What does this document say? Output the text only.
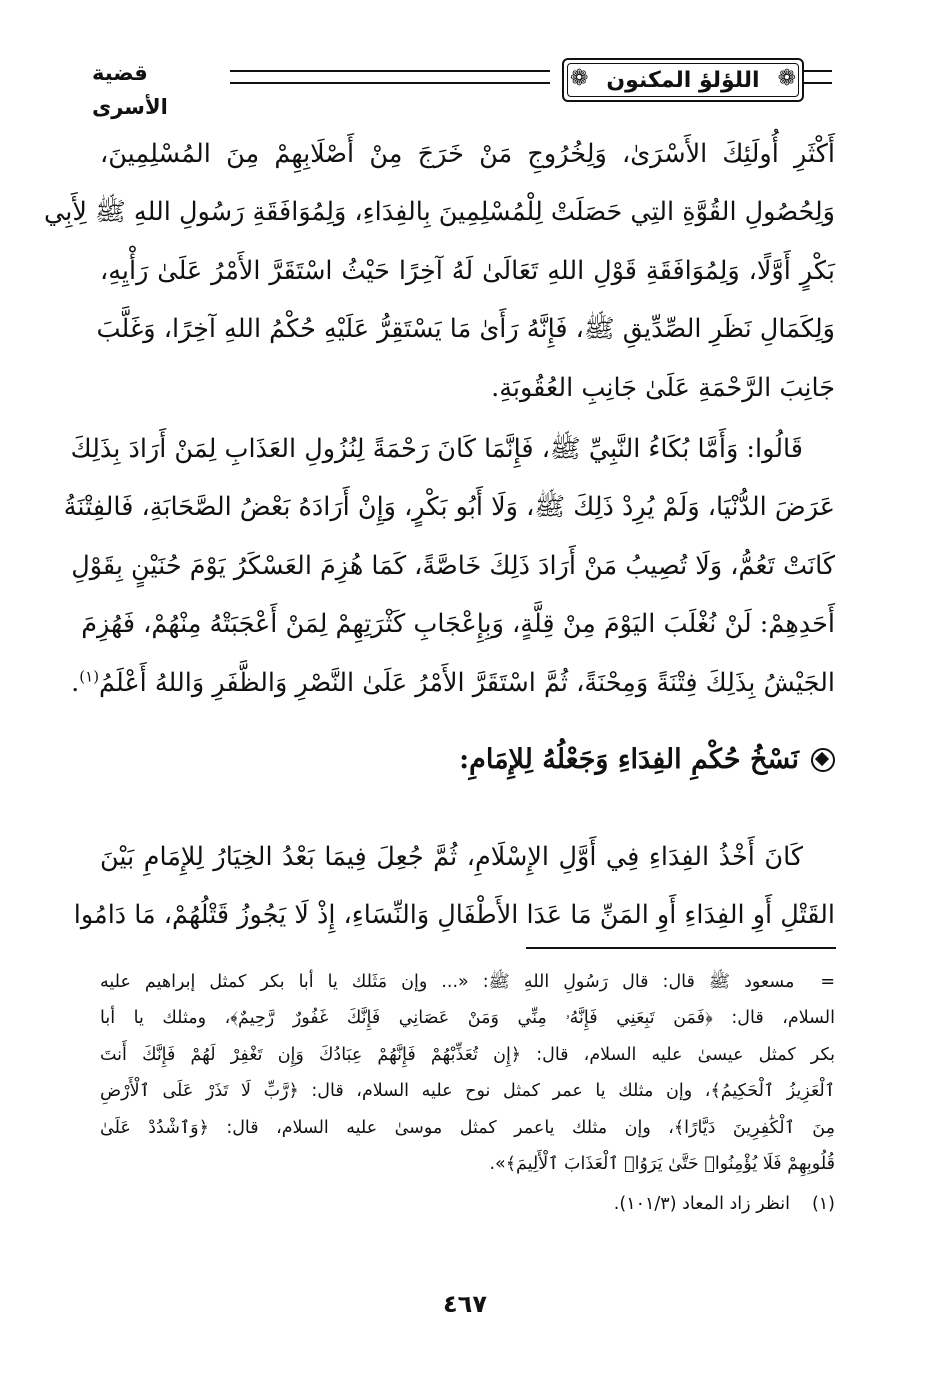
❁ اللؤلؤ المكنون ❁
قضية الأسرى

أَكْثَرِ أُولَئِكَ الأَسْرَىٰ، وَلِخُرُوجِ مَنْ خَرَجَ مِنْ أَصْلَابِهِمْ مِنَ المُسْلِمِينَ،
وَلِحُصُولِ القُوَّةِ التِي حَصَلَتْ لِلْمُسْلِمِينَ بِالفِدَاءِ، وَلِمُوَافَقَةِ رَسُولِ اللهِ ﷺ لِأَبِي
بَكْرٍ أَوَّلًا، وَلِمُوَافَقَةِ قَوْلِ اللهِ تَعَالَىٰ لَهُ آخِرًا حَيْثُ اسْتَقَرَّ الأَمْرُ عَلَىٰ رَأْيِهِ،
وَلِكَمَالِ نَظَرِ الصِّدِّيقِ ﷺ، فَإِنَّهُ رَأَىٰ مَا يَسْتَقِرُّ عَلَيْهِ حُكْمُ اللهِ آخِرًا، وَغَلَّبَ
جَانِبَ الرَّحْمَةِ عَلَىٰ جَانِبِ العُقُوبَةِ.

قَالُوا: وَأَمَّا بُكَاءُ النَّبِيِّ ﷺ، فَإِنَّمَا كَانَ رَحْمَةً لِنُزُولِ العَذَابِ لِمَنْ أَرَادَ بِذَلِكَ
عَرَضَ الدُّنْيَا، وَلَمْ يُرِدْ ذَلِكَ ﷺ، وَلَا أَبُو بَكْرٍ، وَإِنْ أَرَادَهُ بَعْضُ الصَّحَابَةِ، فَالفِتْنَةُ
كَانَتْ تَعُمُّ، وَلَا تُصِيبُ مَنْ أَرَادَ ذَلِكَ خَاصَّةً، كَمَا هُزِمَ العَسْكَرُ يَوْمَ حُنَيْنٍ بِقَوْلِ
أَحَدِهِمْ: لَنْ نُغْلَبَ اليَوْمَ مِنْ قِلَّةٍ، وَبِإِعْجَابِ كَثْرَتِهِمْ لِمَنْ أَعْجَبَتْهُ مِنْهُمْ، فَهُزِمَ
الجَيْشُ بِذَلِكَ فِتْنَةً وَمِحْنَةً، ثُمَّ اسْتَقَرَّ الأَمْرُ عَلَىٰ النَّصْرِ وَالظَّفَرِ وَاللهُ أَعْلَمُ$^{(١)}$.

نَسْخُ حُكْمِ الفِدَاءِ وَجَعْلُهُ لِلإِمَامِ:

كَانَ أَخْذُ الفِدَاءِ فِي أَوَّلِ الإِسْلَامِ، ثُمَّ جُعِلَ فِيمَا بَعْدُ الخِيَارُ لِلإِمَامِ بَيْنَ
القَتْلِ أَوِ الفِدَاءِ أَوِ المَنِّ مَا عَدَا الأَطْفَالِ وَالنِّسَاءِ، إِذْ لَا يَجُوزُ قَتْلُهُمْ، مَا دَامُوا

=مسعود ﷺ قال: قال رَسُولِ اللهِ ﷺ: «... وإن مَثَلك يا أبا بكر كمثل إبراهيم عليه
السلام، قال: ﴿فَمَن تَبِعَنِي فَإِنَّهُۥ مِنِّي وَمَنْ عَصَانِي فَإِنَّكَ غَفُورٌ رَّحِيمٌ﴾، ومثلك يا أبا
بكر كمثل عيسىٰ عليه السلام، قال: ﴿إِن تُعَذِّبْهُمْ فَإِنَّهُمْ عِبَادُكَ وَإِن تَغْفِرْ لَهُمْ فَإِنَّكَ أَنتَ
ٱلْعَزِيزُ ٱلْحَكِيمُ﴾، وإن مثلك يا عمر كمثل نوح عليه السلام، قال: ﴿رَّبِّ لَا تَذَرْ عَلَى ٱلْأَرْضِ
مِنَ ٱلْكَٰفِرِينَ دَيَّارًا﴾، وإن مثلك ياعمر كمثل موسىٰ عليه السلام، قال: ﴿وَٱشْدُدْ عَلَىٰ
قُلُوبِهِمْ فَلَا يُؤْمِنُوا۟ حَتَّىٰ يَرَوُا۟ ٱلْعَذَابَ ٱلْأَلِيمَ﴾».
(١)انظر زاد المعاد (١٠١/٣).
٤٦٧
